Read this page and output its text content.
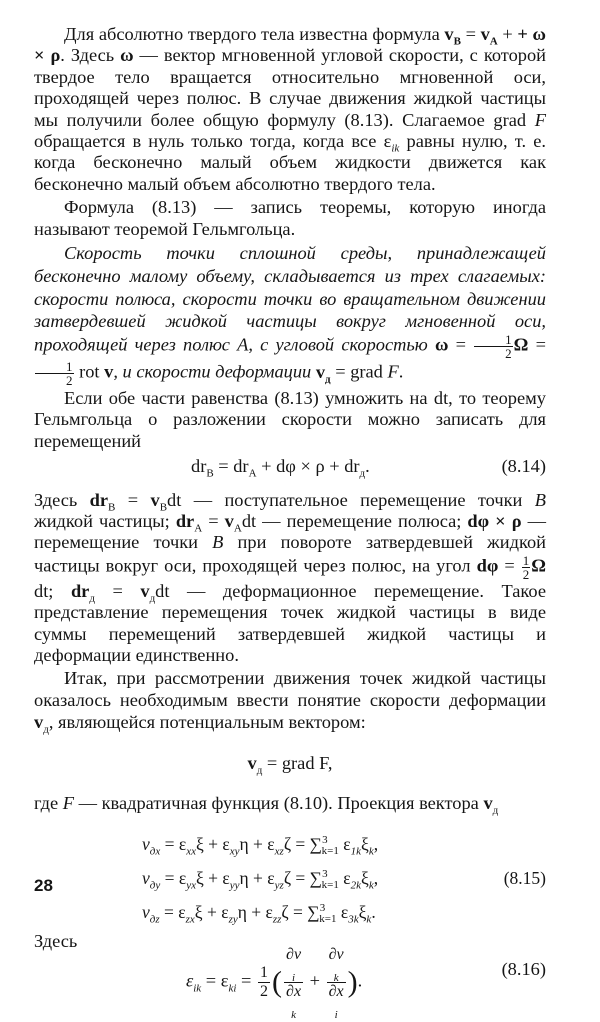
Для абсолютно твердого тела известна формула $v_B = v_A$ + + ω × ρ. Здесь ω — вектор мгновенной угловой скорости, с которой твердое тело вращается относительно мгновенной оси, проходящей через полюс. В случае движения жидкой частицы мы получили более общую формулу (8.13). Слагаемое grad F обращается в нуль только тогда, когда все $\varepsilon_{ik}$ равны нулю, т. е. когда бесконечно малый объем жидкости движется как бесконечно малый объем абсолютно твердого тела.

Формула (8.13) — запись теоремы, которую иногда называют теоремой Гельмгольца.

Скорость точки сплошной среды, принадлежащей бесконечно малому объему, складывается из трех слагаемых: скорости полюса, скорости точки во вращательном движении затвердевшей жидкой частицы вокруг мгновенной оси, проходящей через полюс A, с угловой скоростью $\omega = \frac{1}{2}$ Ω =
$\frac{1}{2}$ rot v, и скорости деформации $v_д$ = grad F.

Если обе части равенства (8.13) умножить на dt, то теорему Гельмгольца о разложении скорости можно записать для перемещений

$dr_B = dr_A + d\varphi \times \rho + dr_д$.	(8.14)

Здесь $dr_B = v_Bdt$ — поступательное перемещение точки B жидкой частицы; $dr_A = v_Adt$ — перемещение полюса; dφ × ρ — перемещение точки B при повороте затвердевшей жидкой частицы вокруг оси, проходящей через полюс, на угол $d\varphi = \frac{1}{2}$ Ω dt; $dr_д = v_дdt$ — деформационное перемещение. Такое представление перемещения точек жидкой частицы в виде суммы перемещений затвердевшей жидкой частицы и деформации единственно.

Итак, при рассмотрении движения точек жидкой частицы оказалось необходимым ввести понятие скорости деформации $v_д$, являющейся потенциальным вектором:

$v_д$ = grad F,

где F — квадратичная функция (8.10). Проекция вектора $v_д$

$v_{дx} = \varepsilon_{xx}\xi + \varepsilon_{xy}\eta + \varepsilon_{xz}\zeta = \sum^3_{k=1}$ $\varepsilon_{1k}\xi_k$,
$v_{дy} = \varepsilon_{yx}\xi + \varepsilon_{yy}\eta + \varepsilon_{yz}\zeta = \sum^3_{k=1}$ $\varepsilon_{2k}\xi_k$,
$v_{дz} = \varepsilon_{zx}\xi + \varepsilon_{zy}\eta + \varepsilon_{zz}\zeta = \sum^3_{k=1}$ $\varepsilon_{3k}\xi_k$.
(8.15)
Здесь
$\varepsilon_{ik} = \varepsilon_{ki} = \frac{1}{2}$ ( ∂v
$_i$
∂x
$_k$ + ∂v
$_k$
∂x
$_i$ ).
(8.16)
28
